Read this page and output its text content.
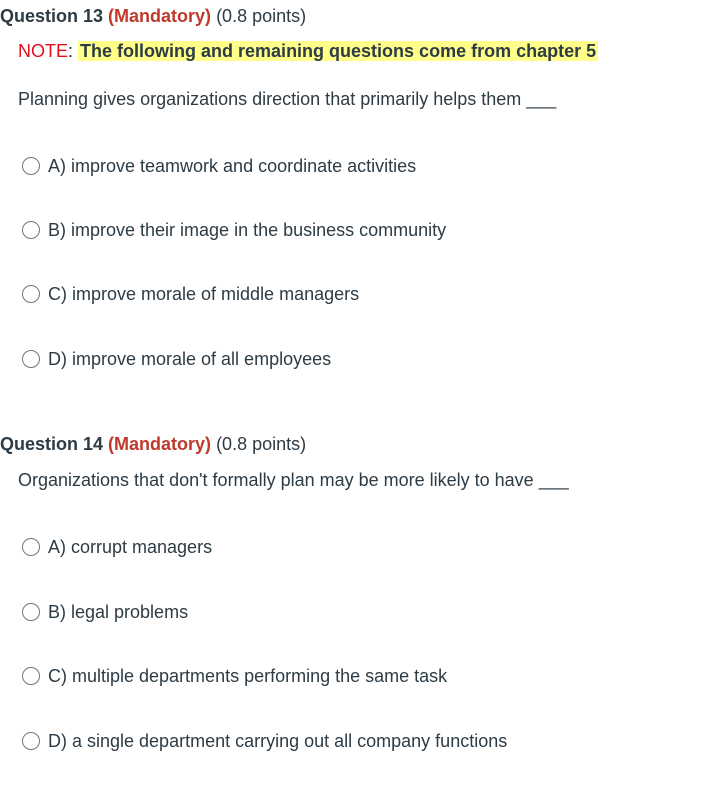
Question 13 (Mandatory) (0.8 points)
NOTE: The following and remaining questions come from chapter 5
Planning gives organizations direction that primarily helps them ___
A) improve teamwork and coordinate activities
B) improve their image in the business community
C) improve morale of middle managers
D) improve morale of all employees
Question 14 (Mandatory) (0.8 points)
Organizations that don't formally plan may be more likely to have ___
A) corrupt managers
B) legal problems
C) multiple departments performing the same task
D) a single department carrying out all company functions
